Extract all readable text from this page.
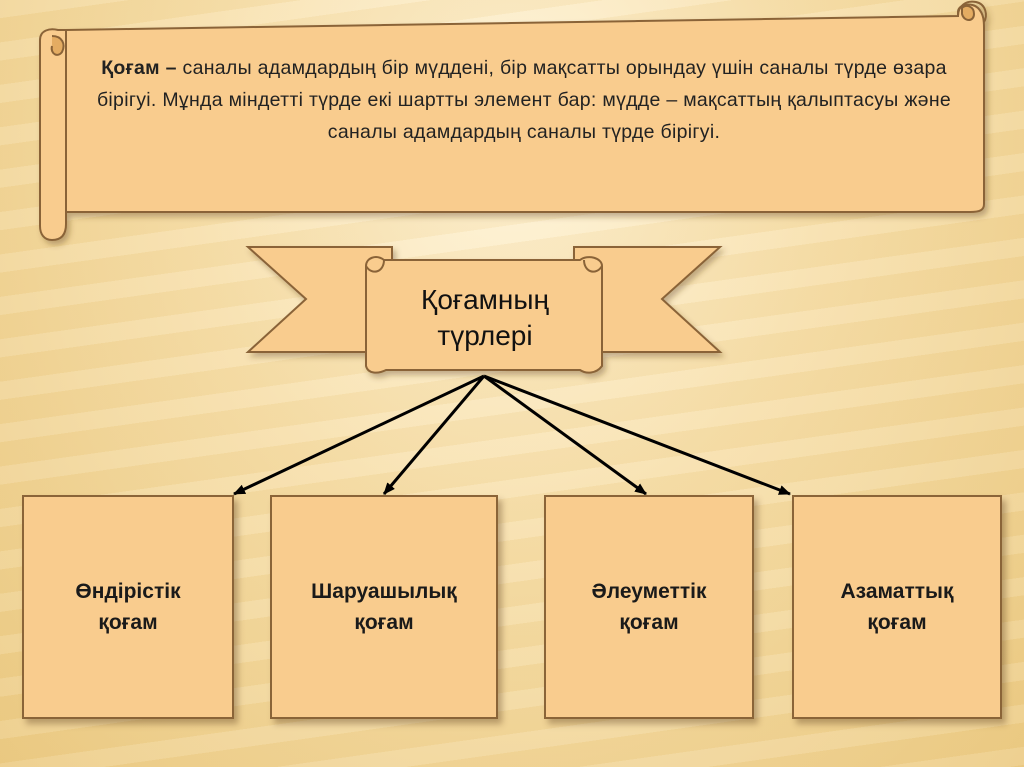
Қоғам – саналы адамдардың бір мүддені, бір мақсатты орындау үшін саналы түрде өзара бірігуі. Мұнда міндетті түрде екі шартты элемент бар: мүдде – мақсаттың қалыптасуы және саналы адамдардың саналы түрде бірігуі.
Қоғамның
түрлері
Өндірістік
қоғам
Шаруашылық
қоғам
Әлеуметтік
қоғам
Азаматтық
қоғам
